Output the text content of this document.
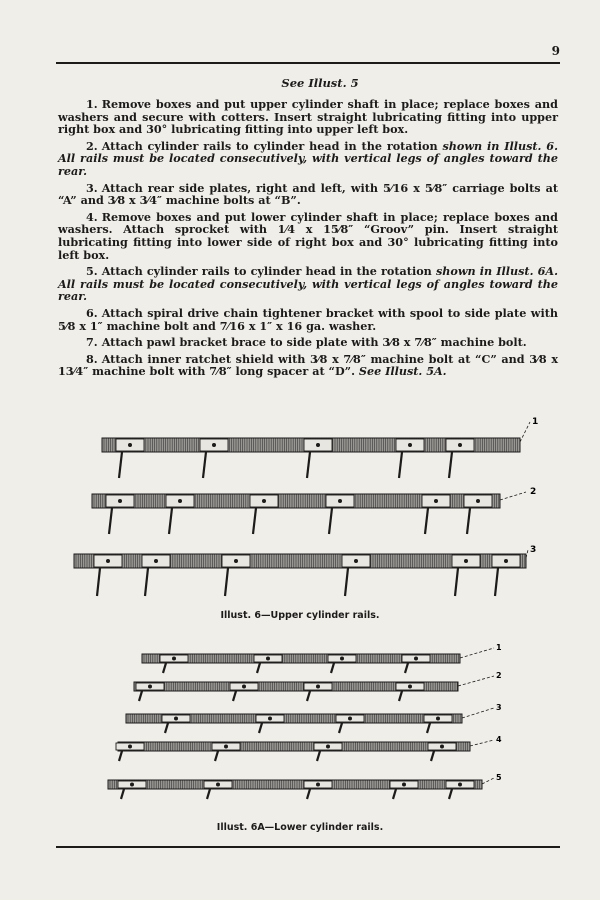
9
See Illust. 5

1. Remove boxes and put upper cylinder shaft in place; replace boxes and washers and secure with cotters. Insert straight lubricating fitting into upper right box and 30° lubricating fitting into upper left box.

2. Attach cylinder rails to cylinder head in the rotation shown in Illust. 6. All rails must be located consecutively, with vertical legs of angles toward the rear.

3. Attach rear side plates, right and left, with 5⁄16 x 5⁄8″ carriage bolts at “A” and 3⁄8 x 3⁄4″ machine bolts at “B”.

4. Remove boxes and put lower cylinder shaft in place; replace boxes and washers. Attach sprocket with 1⁄4 x 15⁄8″ “Groov” pin. Insert straight lubricating fitting into lower side of right box and 30° lubricating fitting into left box.

5. Attach cylinder rails to cylinder head in the rotation shown in Illust. 6A. All rails must be located consecutively, with vertical legs of angles toward the rear.

6. Attach spiral drive chain tightener bracket with spool to side plate with 5⁄8 x 1″ machine bolt and 7⁄16 x 1″ x 16 ga. washer.

7. Attach pawl bracket brace to side plate with 3⁄8 x 7⁄8″ machine bolt.

8. Attach inner ratchet shield with 3⁄8 x 7⁄8″ machine bolt at “C” and 3⁄8 x 13⁄4″ machine bolt with 7⁄8″ long spacer at “D”. See Illust. 5A.

1
2
3
Illust. 6—Upper cylinder rails.
1
2
3
4
5
Illust. 6A—Lower cylinder rails.
